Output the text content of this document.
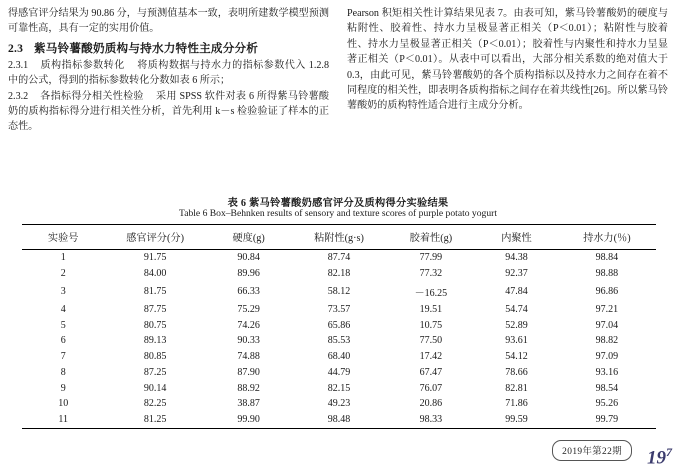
得感官评分结果为 90.86 分，与预测值基本一致，表明所建数学模型预测可靠性高，具有一定的实用价值。

2.3 紫马铃薯酸奶质构与持水力特性主成分分析

2.3.1 质构指标参数转化 将质构数据与持水力的指标参数代入 1.2.8 中的公式，得到的指标参数转化分数如表 6 所示；

2.3.2 各指标得分相关性检验 采用 SPSS 软件对表 6 所得紫马铃薯酸奶的质构指标得分进行相关性分析，首先利用 k－s 检验验证了样本的正态性。

Pearson 积矩相关性计算结果见表 7。由表可知，紫马铃薯酸奶的硬度与粘附性、胶着性、持水力呈极显著正相关（P＜0.01）；粘附性与胶着性、持水力呈极显著正相关（P＜0.01）；胶着性与内聚性和持水力呈显著正相关（P＜0.01）。从表中可以看出，大部分相关系数的绝对值大于 0.3，由此可见，紫马铃薯酸奶的各个质构指标以及持水力之间存在着不同程度的相关性，即表明各质构指标之间存在着共线性[26]。所以紫马铃薯酸奶的质构特性适合进行主成分分析。

表 6 紫马铃薯酸奶感官评分及质构得分实验结果
Table 6 Box–Behnken results of sensory and texture scores of purple potato yogurt
实验号	感官评分(分)	硬度(g)	粘附性(g·s)	胶着性(g)	内聚性	持水力(％)
1	91.75	90.84	87.74	77.99	94.38	98.84
2	84.00	89.96	82.18	77.32	92.37	98.88
3	81.75	66.33	58.12	－16.25	47.84	96.86
4	87.75	75.29	73.57	19.51	54.74	97.21
5	80.75	74.26	65.86	10.75	52.89	97.04
6	89.13	90.33	85.53	77.50	93.61	98.82
7	80.85	74.88	68.40	17.42	54.12	97.09
8	87.25	87.90	44.79	67.47	78.66	93.16
9	90.14	88.92	82.15	76.07	82.81	98.54
10	82.25	38.87	49.23	20.86	71.86	95.26
11	81.25	99.90	98.48	98.33	99.59	99.79
2019年第22期	$19^7$
